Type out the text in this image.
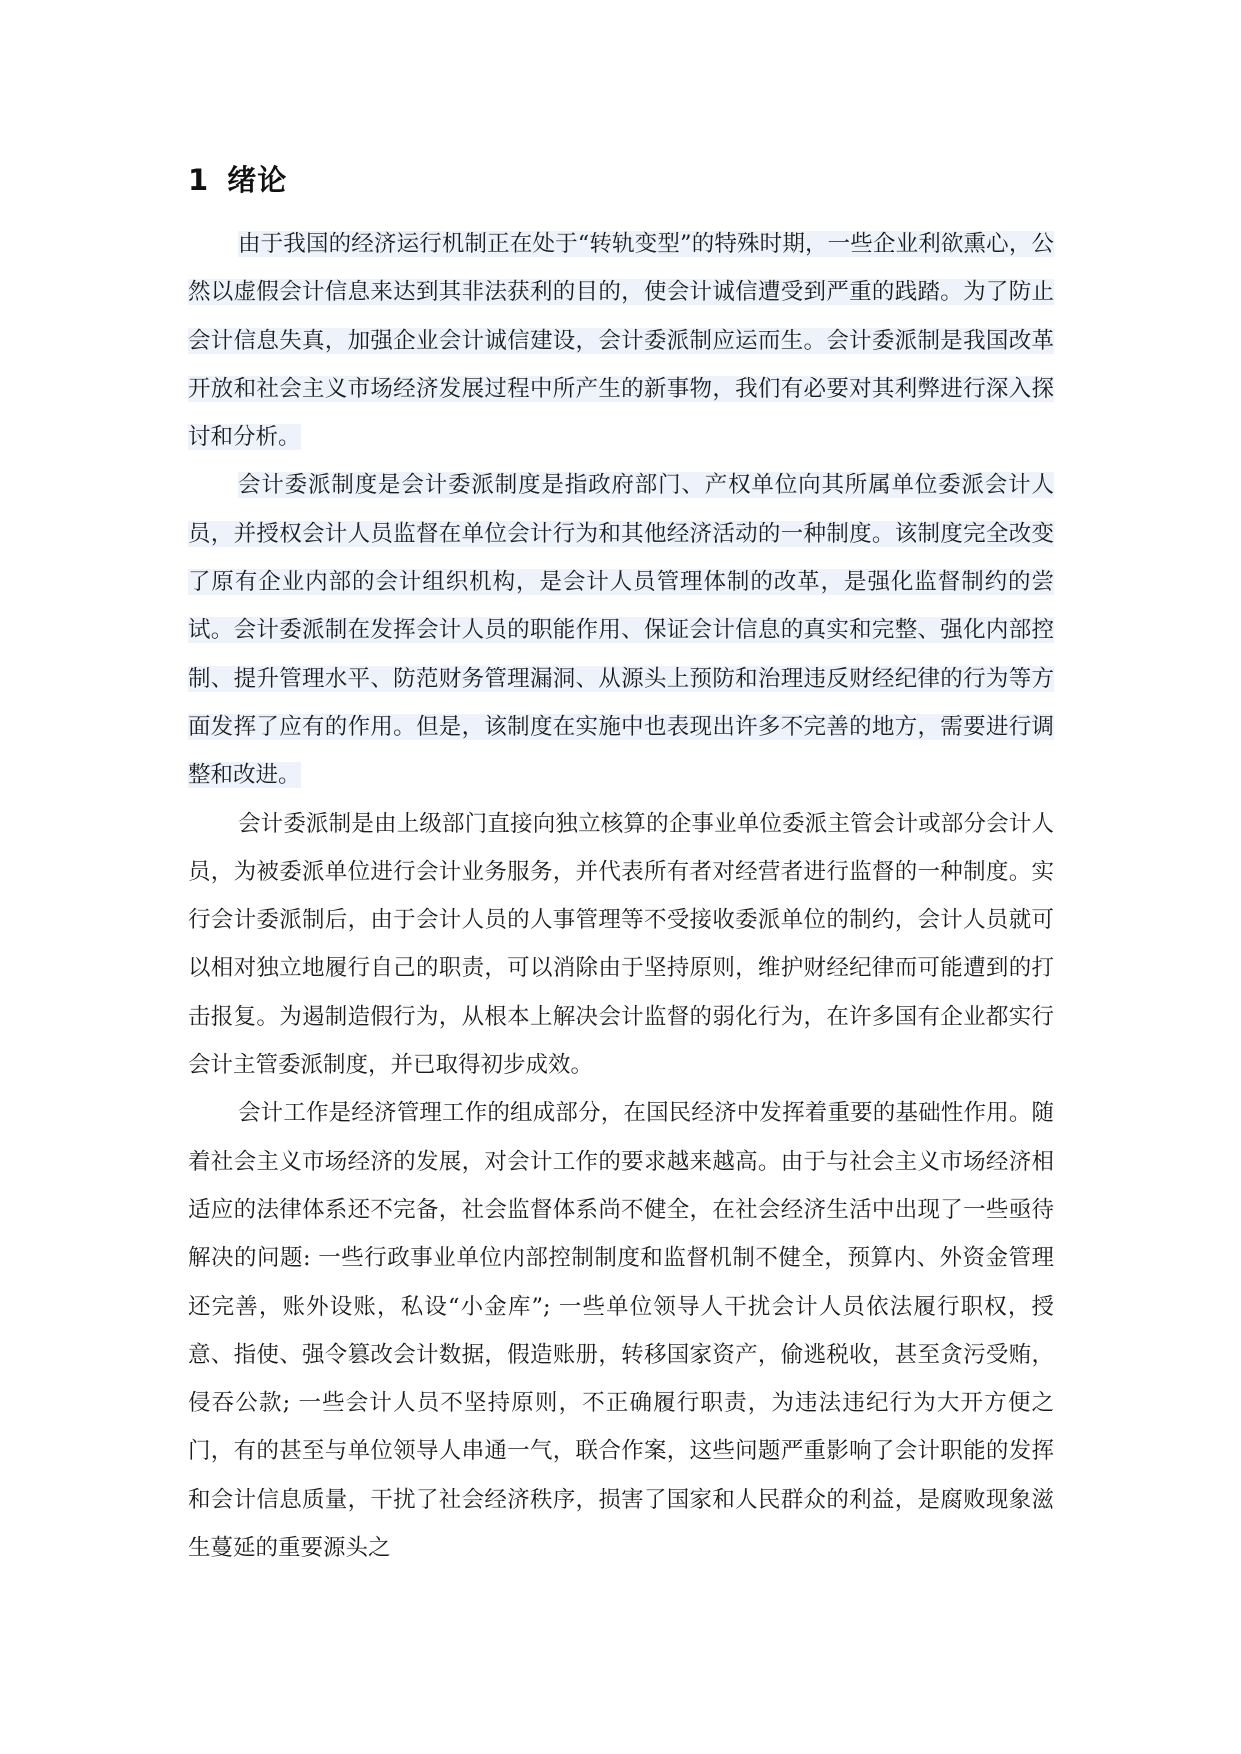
1 绪论

由于我国的经济运行机制正在处于“转轨变型”的特殊时期，一些企业利欲熏心，公然以虚假会计信息来达到其非法获利的目的，使会计诚信遭受到严重的践踏。为了防止会计信息失真，加强企业会计诚信建设，会计委派制应运而生。会计委派制是我国改革开放和社会主义市场经济发展过程中所产生的新事物，我们有必要对其利弊进行深入探讨和分析。

会计委派制度是会计委派制度是指政府部门、产权单位向其所属单位委派会计人员，并授权会计人员监督在单位会计行为和其他经济活动的一种制度。该制度完全改变了原有企业内部的会计组织机构，是会计人员管理体制的改革，是强化监督制约的尝试。会计委派制在发挥会计人员的职能作用、保证会计信息的真实和完整、强化内部控制、提升管理水平、防范财务管理漏洞、从源头上预防和治理违反财经纪律的行为等方面发挥了应有的作用。但是，该制度在实施中也表现出许多不完善的地方，需要进行调整和改进。

会计委派制是由上级部门直接向独立核算的企事业单位委派主管会计或部分会计人员，为被委派单位进行会计业务服务，并代表所有者对经营者进行监督的一种制度。实行会计委派制后，由于会计人员的人事管理等不受接收委派单位的制约，会计人员就可以相对独立地履行自己的职责，可以消除由于坚持原则，维护财经纪律而可能遭到的打击报复。为遏制造假行为，从根本上解决会计监督的弱化行为，在许多国有企业都实行会计主管委派制度，并已取得初步成效。

会计工作是经济管理工作的组成部分，在国民经济中发挥着重要的基础性作用。随着社会主义市场经济的发展，对会计工作的要求越来越高。由于与社会主义市场经济相适应的法律体系还不完备，社会监督体系尚不健全，在社会经济生活中出现了一些亟待解决的问题: 一些行政事业单位内部控制制度和监督机制不健全，预算内、外资金管理还完善，账外设账，私设“小金库”; 一些单位领导人干扰会计人员依法履行职权，授意、指使、强令篡改会计数据，假造账册，转移国家资产，偷逃税收，甚至贪污受贿，侵吞公款; 一些会计人员不坚持原则，不正确履行职责，为违法违纪行为大开方便之门，有的甚至与单位领导人串通一气，联合作案，这些问题严重影响了会计职能的发挥和会计信息质量，干扰了社会经济秩序，损害了国家和人民群众的利益，是腐败现象滋生蔓延的重要源头之
